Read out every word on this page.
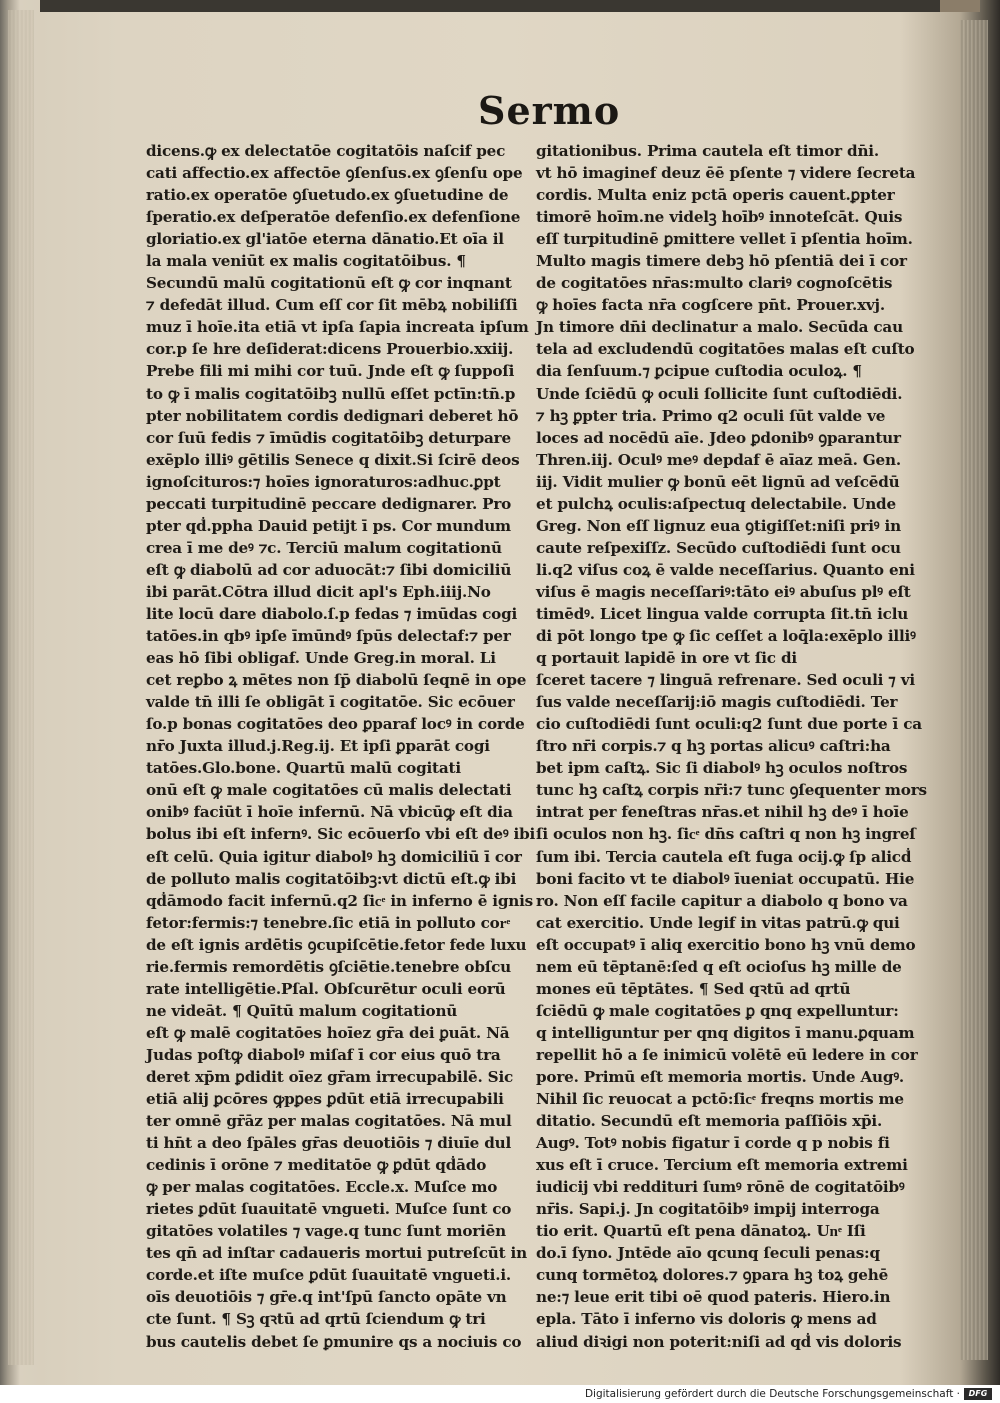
Sermo
dicens.ꝙ ex delectatōe cogitatōis naſcif pec
cati affectio.ex affectōe ꝯſenſus.ex ꝯſenſu ope
ratio.ex operatōe ꝯſuetudo.ex ꝯſuetudine de
ſperatio.ex deſperatōe defenſio.ex defenſione
gloriatio.ex gl'iatōe eterna dānatio.Et oīa il
la mala veniūt ex malis cogitatōibus. ¶
Secundū malū cogitationū eſt ꝙ cor inqnant
⁊ defedāt illud. Cum eſſ cor ſit mēbꝝ nobiliſſi
muz ī hoīe.ita etiā vt ipſa ſapia increata ipſum
cor.p ſe hre deſiderat:dicens Prouerbio.xxiij.
Prebe fili mi mihi cor tuū. Jnde eſt ꝙ ſuppoſi
to ꝙ ī malis cogitatōibꝫ nullū eſſet pctīn:tn̄.p
pter nobilitatem cordis dedignari deberet hō
cor ſuū fedis ⁊ īmūdis cogitatōibꝫ deturpare
exēplo illiꝰ gētilis Senece q dixit.Si ſcirē deos
ignoſcituros:⁊ hoīes ignoraturos:adhuc.ꝑpt
peccati turpitudinē peccare dedignarer. Pro
pter qḋ.ppha Dauid petijt ī ps. Cor mundum
crea ī me deꝰ ⁊c. Terciū malum cogitationū
eſt ꝙ diabolū ad cor aduocāt:⁊ ſibi domiciliū
ibi parāt.Cōtra illud dicit apl's Eph.iiij.No
lite locū dare diabolo.ſ.p fedas ⁊ imūdas cogi
tatōes.in qbꝰ ipſe īmūndꝰ ſpūs delectaf:⁊ per
eas hō ſibi obligaf. Unde Greg.in moral. Li
cet reꝑbo ꝝ mētes non ſp̄ diabolū ſeqnē in ope
valde tn̄ illi ſe obligāt ī cogitatōe. Sic ecōuer
ſo.p bonas cogitatōes deo ꝑparaf locꝰ in corde
nr̄o Juxta illud.j.Reg.ij. Et ipſi ꝑparāt cogi
tatōes.Glo.bone. Quartū malū cogitati
onū eſt ꝙ male cogitatōes cū malis delectati
onibꝰ faciūt ī hoīe infernū. Nā vbicūꝙ eſt dia
bolus ibi eſt infernꝰ. Sic ecōuerſo vbi eſt deꝰ ibi
eſt celū. Quia igitur diabolꝰ hꝫ domiciliū ī cor
de polluto malis cogitatōibꝫ:vt dictū eſt.ꝙ ibi
qḋāmodo facit infernū.q2 ſicͤ in inferno ē ignis
fetor:fermis:⁊ tenebre.ſic etiā in polluto corͤ
de eſt ignis ardētis ꝯcupiſcētie.fetor fede luxu
rie.fermis remordētis ꝯſciētie.tenebre obſcu
rate intelligētie.Pſal. Obſcurētur oculi eorū
ne videāt. ¶ Quītū malum cogitationū
eſt ꝙ malē cogitatōes hoīez gr̄a dei ꝑuāt. Nā
Judas poſtꝙ diabolꝰ miſaf ī cor eius quō tra
deret xp̄m ꝑdidit oīez gr̄am irrecupabilē. Sic
etiā alij ꝑcōres ꝙpꝑes ꝑdūt etiā irrecupabili
ter omnē gr̄āz per malas cogitatōes. Nā mul
ti hn̄t a deo ſpāles gr̄as deuotiōis ⁊ diuīe dul
cedinis ī orōne ⁊ meditatōe ꝙ ꝑdūt qḋādo
ꝙ per malas cogitatōes. Eccle.x. Muſce mo
rietes ꝑdūt ſuauitatē vngueti. Muſce ſunt co
gitatōes volatiles ⁊ vage.q tunc ſunt moriēn
tes qn̄ ad inſtar cadaueris mortui putreſcūt in
corde.et iſte muſce ꝑdūt ſuauitatē vngueti.i.
oīs deuotiōis ⁊ gr̄e.q int'ſpū ſancto opāte vn
cte ſunt. ¶ Sꝫ qꝛtū ad qrtū ſciendum ꝙ tri
bus cautelis debet ſe ꝑmunire qs a nociuis co
gitationibus. Prima cautela eſt timor dn̄i.
vt hō imaginef deuz ēē pſente ⁊ videre ſecreta
cordis. Multa eniz pctā operis cauent.ꝑpter
timorē hoīm.ne videlꝫ hoībꝰ innoteſcāt. Quis
eſſ turpitudinē ꝑmittere vellet ī pſentia hoīm.
Multo magis timere debꝫ hō pſentiā dei ī cor
de cogitatōes nr̄as:multo clariꝰ cognoſcētis
ꝙ hoīes facta nr̄a cogſcere pn̄t. Prouer.xvj.
Jn timore dn̄i declinatur a malo. Secūda cau
tela ad excludendū cogitatōes malas eſt cuſto
dia ſenſuum.⁊ ꝑcipue cuſtodia oculoꝝ. ¶
Unde ſciēdū ꝙ oculi ſollicite ſunt cuſtodiēdi.
⁊ hꝫ ꝑpter tria. Primo q2 oculi ſūt valde ve
loces ad nocēdū aīe. Jdeo ꝑdonibꝰ ꝯparantur
Thren.iij. Oculꝰ meꝰ depdaf ē aīaz meā. Gen.
iij. Vidit mulier ꝙ bonū eēt lignū ad veſcēdū
et pulchꝝ oculis:aſpectuq delectabile. Unde
Greg. Non eſſ lignuz eua ꝯtigiſſet:niſi priꝰ in
caute reſpexiſſz. Secūdo cuſtodiēdi ſunt ocu
li.q2 viſus coꝝ ē valde neceſſarius. Quanto eni
viſus ē magis neceſſariꝰ:tāto eiꝰ abuſus plꝰ eſt
timēdꝰ. Licet lingua valde corrupta ſit.tn̄ iclu
di pōt longo tpe ꝙ ſic ceſſet a loq̄la:exēplo illiꝰ
q portauit lapidē in ore vt ſic di
ſceret tacere ⁊ linguā refrenare. Sed oculi ⁊ vi
ſus valde neceſſarij:iō magis cuſtodiēdi. Ter
cio cuſtodiēdi ſunt oculi:q2 ſunt due porte ī ca
ſtro nr̄i corpis.⁊ q hꝫ portas alicuꝰ caſtri:ha
bet ipm caſtꝝ. Sic ſi diabolꝰ hꝫ oculos noſtros
tunc hꝫ caſtꝝ corpis nr̄i:⁊ tunc ꝯſequenter mors
intrat per feneſtras nr̄as.et nihil hꝫ deꝰ ī hoīe
ſi oculos non hꝫ. ſicͤ dn̄s caſtri q non hꝫ ingreſ
ſum ibi. Tercia cautela eſt fuga ocij.ꝙ ſp alicḋ
boni facito vt te diabolꝰ īueniat occupatū. Hie
ro. Non eſſ facile capitur a diabolo q bono va
cat exercitio. Unde legif in vitas patrū.ꝙ qui
eſt occupatꝰ ī aliq exercitio bono hꝫ vnū demo
nem eū tēptanē:ſed q eſt ocioſus hꝫ mille de
mones eū tēptātes. ¶ Sed qꝛtū ad qrtū
ſciēdū ꝙ male cogitatōes ꝑ qnq expelluntur:
q intelliguntur per qnq digitos ī manu.ꝑquam
repellit hō a ſe inimicū volētē eū ledere in cor
pore. Primū eſt memoria mortis. Unde Augꝰ.
Nihil ſic reuocat a pctō:ſicͤ freqns mortis me
ditatio. Secundū eſt memoria paſſiōis xp̄i.
Augꝰ. Totꝰ nobis figatur ī corde q p nobis fi
xus eſt ī cruce. Tercium eſt memoria extremi
iudicij vbi reddituri ſumꝰ rōnē de cogitatōibꝰ
nr̄is. Sapi.j. Jn cogitatōibꝰ impij interroga
tio erit. Quartū eſt pena dānatoꝝ. Unͤ Iſi
do.ī ſyno. Jntēde aīo qcunq ſeculi penas:q
cunq tormētoꝝ dolores.⁊ ꝯpara hꝫ toꝝ gehē
ne:⁊ leue erit tibi oē quod pateris. Hiero.in
epla. Tāto ī inferno vis doloris ꝙ mens ad
aliud diꝛigi non poterit:niſi ad qḋ vis doloris
Digitalisierung gefördert durch die Deutsche Forschungsgemeinschaft ·	DFG
